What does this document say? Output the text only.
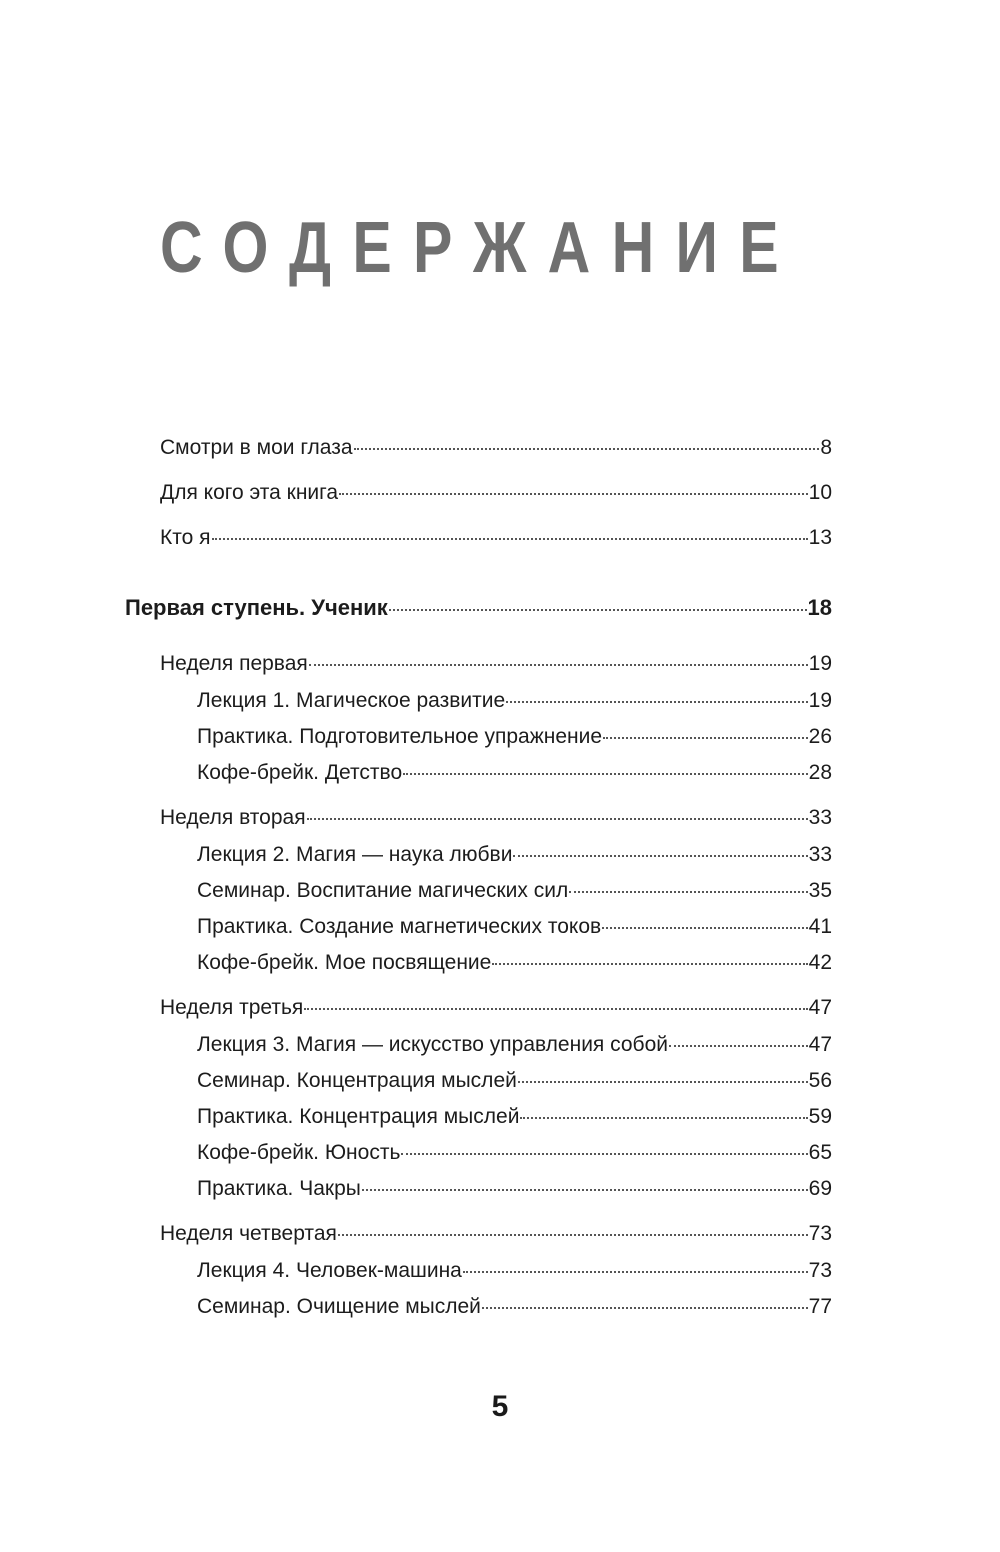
СОДЕРЖАНИЕ
Смотри в мои глаза	8
Для кого эта книга	10
Кто я	13
Первая ступень. Ученик	18
Неделя первая	19
Лекция 1. Магическое развитие	19
Практика. Подготовительное упражнение	26
Кофе-брейк. Детство	28
Неделя вторая	33
Лекция 2. Магия — наука любви	33
Семинар. Воспитание магических сил	35
Практика. Создание магнетических токов	41
Кофе-брейк. Мое посвящение	42
Неделя третья	47
Лекция 3. Магия — искусство управления собой	47
Семинар. Концентрация мыслей	56
Практика. Концентрация мыслей	59
Кофе-брейк. Юность	65
Практика. Чакры	69
Неделя четвертая	73
Лекция 4. Человек-машина	73
Семинар. Очищение мыслей	77
5
